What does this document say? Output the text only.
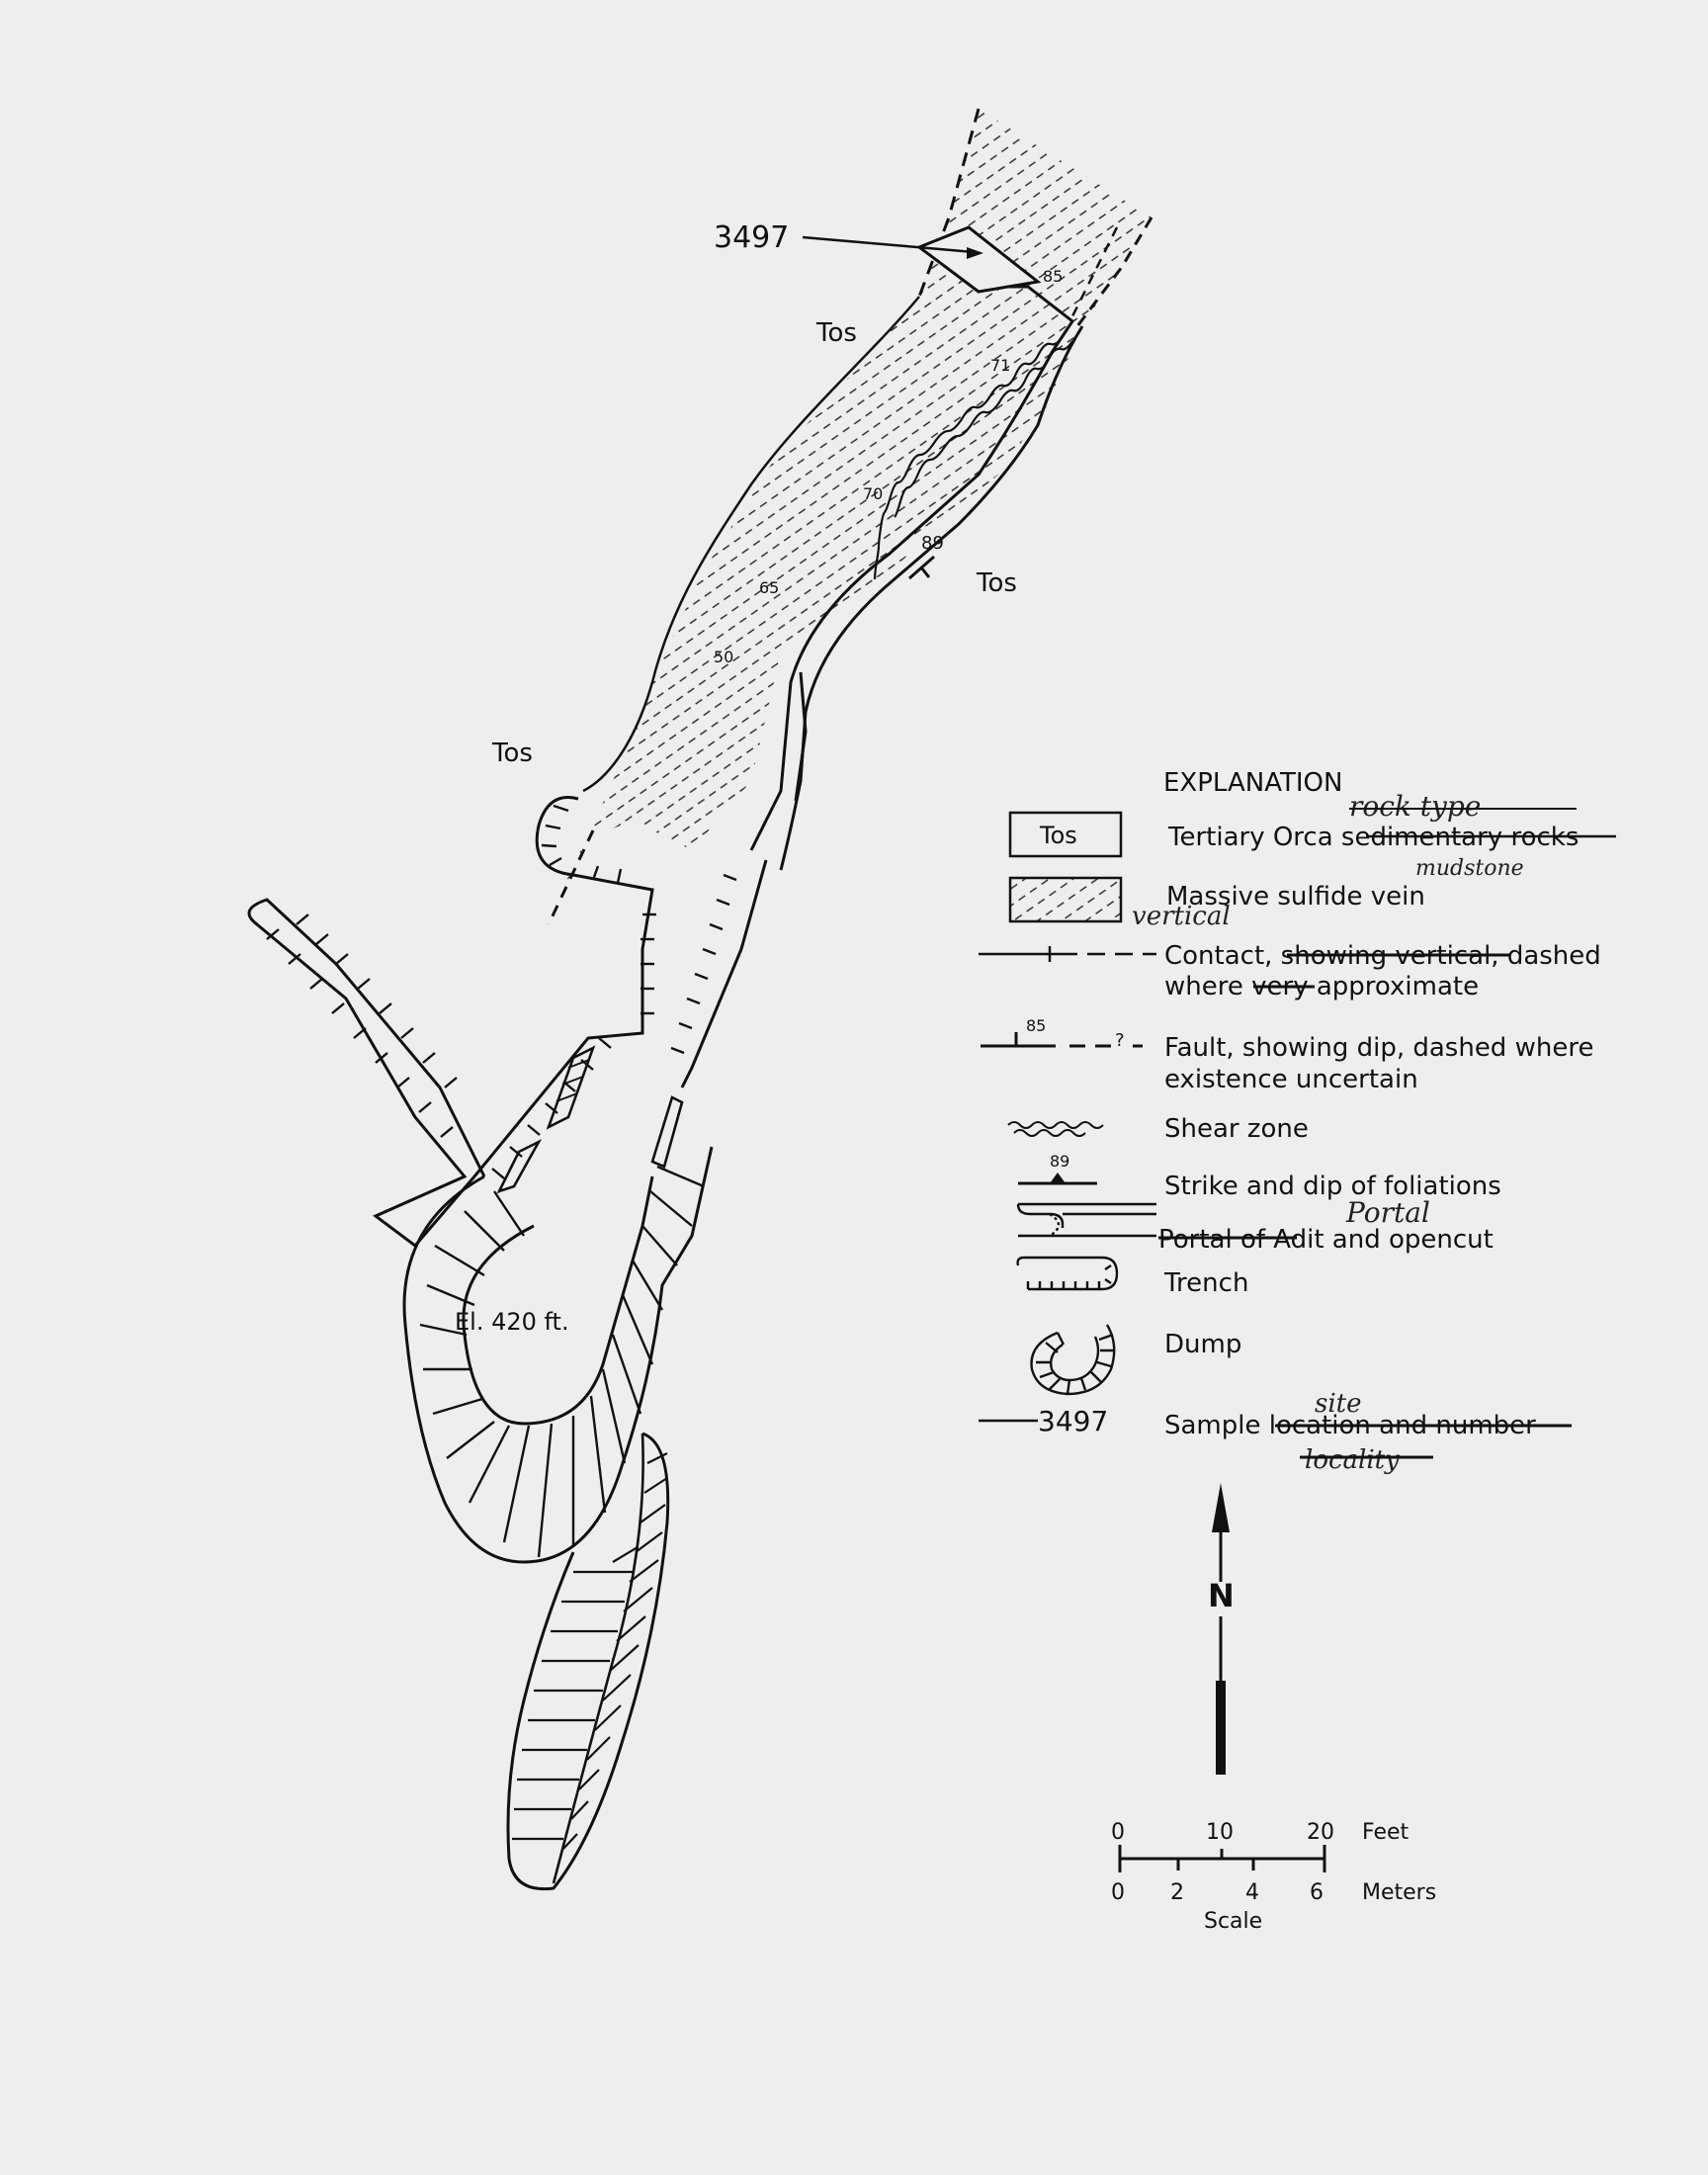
3497
Tos
Tos
Tos
El. 420 ft.
85
71
70
65
50
89
EXPLANATION
Tos	Tertiary Orca sedimentary rocks
rock type
mudstone
Massive sulfide vein
vertical
Contact, showing vertical, dashed
where very approximate
85
? Fault, showing dip, dashed where
existence uncertain
Shear zone
89
Strike and dip of foliations
Portal of Adit and opencut
Portal
Trench
Dump
3497 Sample location and number
site
locality
N
0	10	20 Feet
0 2	4 6 Meters
Scale
